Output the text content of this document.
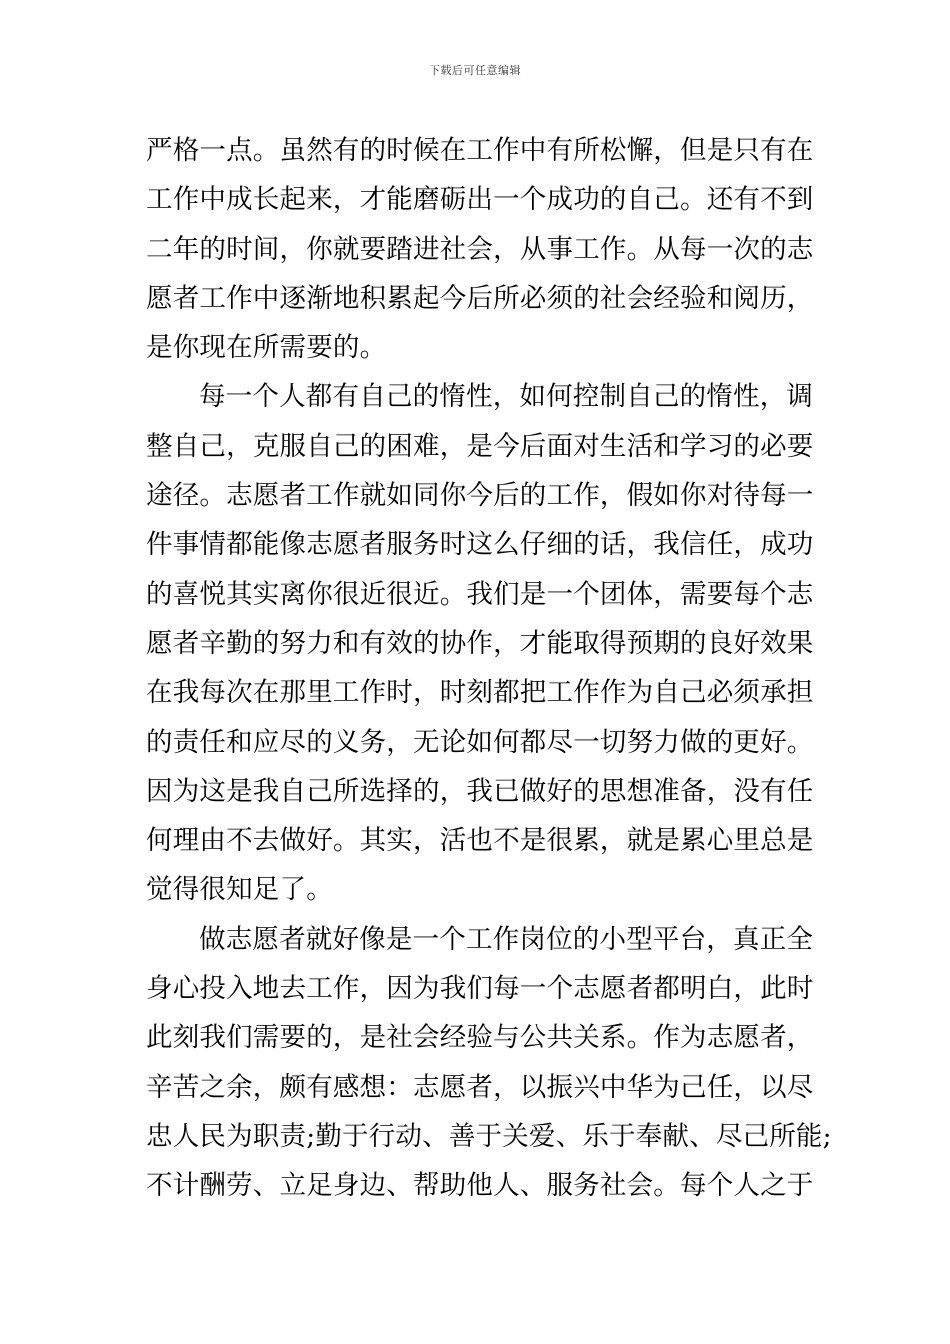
下载后可任意编辑
严格一点。虽然有的时候在工作中有所松懈，但是只有在
工作中成长起来，才能磨砺出一个成功的自己。还有不到
二年的时间，你就要踏进社会，从事工作。从每一次的志
愿者工作中逐渐地积累起今后所必须的社会经验和阅历，
是你现在所需要的。
每一个人都有自己的惰性，如何控制自己的惰性，调
整自己，克服自己的困难，是今后面对生活和学习的必要
途径。志愿者工作就如同你今后的工作，假如你对待每一
件事情都能像志愿者服务时这么仔细的话，我信任，成功
的喜悦其实离你很近很近。我们是一个团体，需要每个志
愿者辛勤的努力和有效的协作，才能取得预期的良好效果
在我每次在那里工作时，时刻都把工作作为自己必须承担
的责任和应尽的义务，无论如何都尽一切努力做的更好。
因为这是我自己所选择的，我已做好的思想准备，没有任
何理由不去做好。其实，活也不是很累，就是累心里总是
觉得很知足了。
做志愿者就好像是一个工作岗位的小型平台，真正全
身心投入地去工作，因为我们每一个志愿者都明白，此时
此刻我们需要的，是社会经验与公共关系。作为志愿者，
辛苦之余，颇有感想：志愿者，以振兴中华为己任，以尽
忠人民为职责;勤于行动、善于关爱、乐于奉献、尽己所能;
不计酬劳、立足身边、帮助他人、服务社会。每个人之于
